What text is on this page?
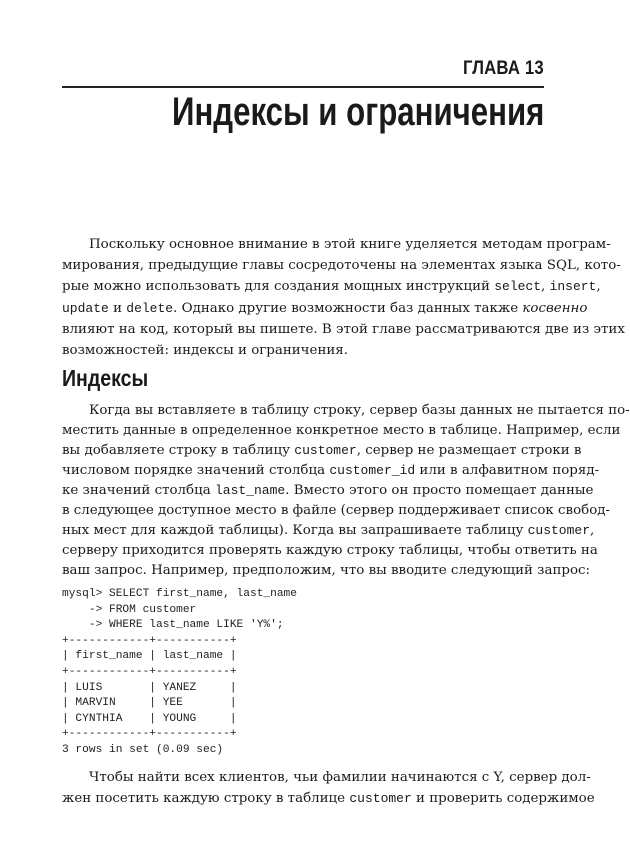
ГЛАВА 13
Индексы и ограничения
Поскольку основное внимание в этой книге уделяется методам програм-
мирования, предыдущие главы сосредоточены на элементах языка SQL, кото-
рые можно использовать для создания мощных инструкций select, insert,
update и delete. Однако другие возможности баз данных также косвенно
влияют на код, который вы пишете. В этой главе рассматриваются две из этих
возможностей: индексы и ограничения.
Индексы
Когда вы вставляете в таблицу строку, сервер базы данных не пытается по-
местить данные в определенное конкретное место в таблице. Например, если
вы добавляете строку в таблицу customer, сервер не размещает строки в
числовом порядке значений столбца customer_id или в алфавитном поряд-
ке значений столбца last_name. Вместо этого он просто помещает данные
в следующее доступное место в файле (сервер поддерживает список свобод-
ных мест для каждой таблицы). Когда вы запрашиваете таблицу customer,
серверу приходится проверять каждую строку таблицы, чтобы ответить на
ваш запрос. Например, предположим, что вы вводите следующий запрос:
mysql> SELECT first_name, last_name
-> FROM customer
-> WHERE last_name LIKE 'Y%';
+------------+-----------+
| first_name | last_name |
+------------+-----------+
| LUIS       | YANEZ     |
| MARVIN     | YEE       |
| CYNTHIA    | YOUNG     |
+------------+-----------+
3 rows in set (0.09 sec)
Чтобы найти всех клиентов, чьи фамилии начинаются с Y, сервер дол-
жен посетить каждую строку в таблице customer и проверить содержимое
